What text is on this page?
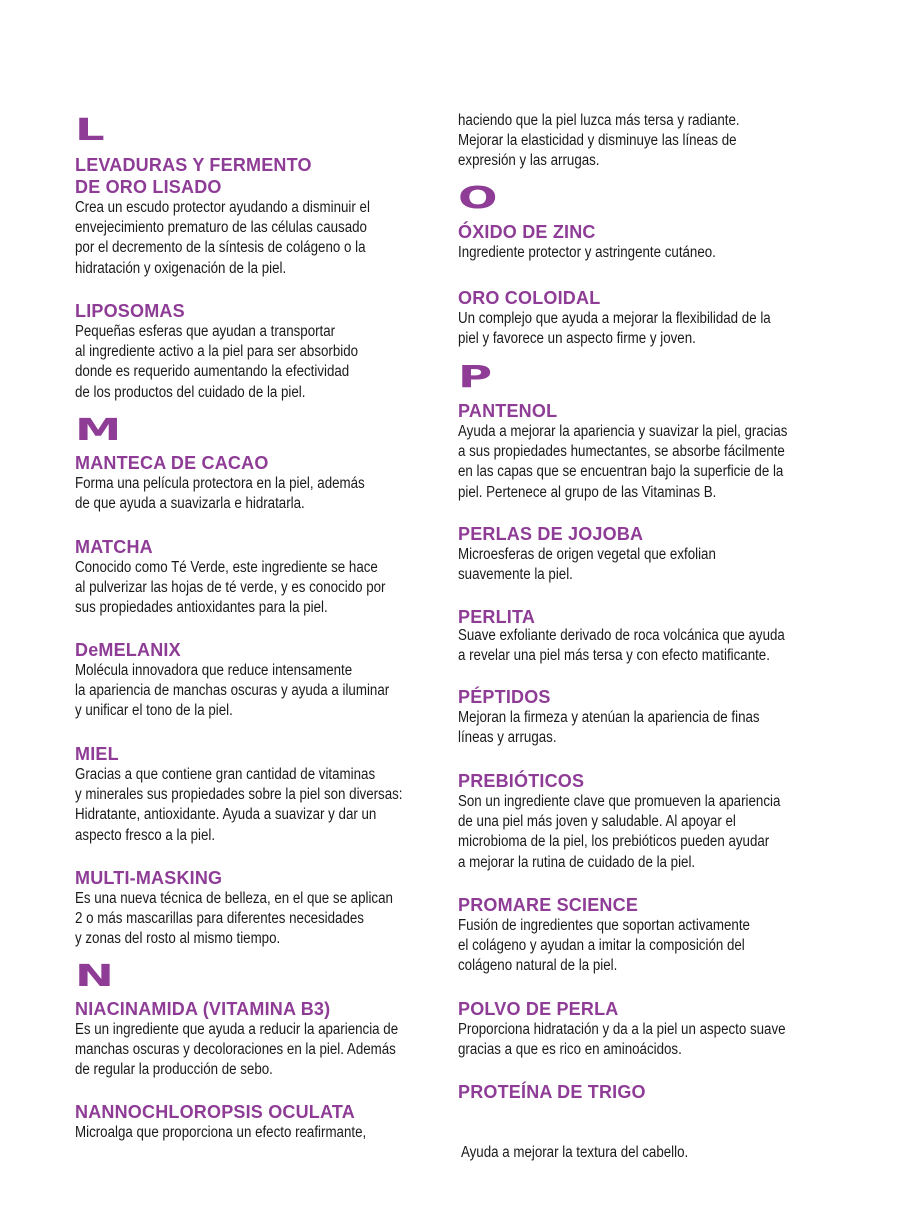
L
LEVADURAS Y FERMENTO
DE ORO LISADO
Crea un escudo protector ayudando a disminuir el
envejecimiento prematuro de las células causado
por el decremento de la síntesis de colágeno o la
hidratación y oxigenación de la piel.
LIPOSOMAS
Pequeñas esferas que ayudan a transportar
al ingrediente activo a la piel para ser absorbido
donde es requerido aumentando la efectividad
de los productos del cuidado de la piel.
M
MANTECA DE CACAO
Forma una película protectora en la piel, además
de que ayuda a suavizarla e hidratarla.
MATCHA
Conocido como Té Verde, este ingrediente se hace
al pulverizar las hojas de té verde, y es conocido por
sus propiedades antioxidantes para la piel.
DeMELANIX
Molécula innovadora que reduce intensamente
la apariencia de manchas oscuras y ayuda a iluminar
y unificar el tono de la piel.
MIEL
Gracias a que contiene gran cantidad de vitaminas
y minerales sus propiedades sobre la piel son diversas:
Hidratante, antioxidante. Ayuda a suavizar y dar un
aspecto fresco a la piel.
MULTI-MASKING
Es una nueva técnica de belleza, en el que se aplican
2 o más mascarillas para diferentes necesidades
y zonas del rosto al mismo tiempo.
N
NIACINAMIDA (VITAMINA B3)
Es un ingrediente que ayuda a reducir la apariencia de
manchas oscuras y decoloraciones en la piel. Además
de regular la producción de sebo.
NANNOCHLOROPSIS OCULATA
Microalga que proporciona un efecto reafirmante,
haciendo que la piel luzca más tersa y radiante.
Mejorar la elasticidad y disminuye las líneas de
expresión y las arrugas.
O
ÓXIDO DE ZINC
Ingrediente protector y astringente cutáneo.
ORO COLOIDAL
Un complejo que ayuda a mejorar la flexibilidad de la
piel y favorece un aspecto firme y joven.
P
PANTENOL
Ayuda a mejorar la apariencia y suavizar la piel, gracias
a sus propiedades humectantes, se absorbe fácilmente
en las capas que se encuentran bajo la superficie de la
piel. Pertenece al grupo de las Vitaminas B.
PERLAS DE JOJOBA
Microesferas de origen vegetal que exfolian
suavemente la piel.
PERLITA
Suave exfoliante derivado de roca volcánica que ayuda
a revelar una piel más tersa y con efecto matificante.
PÉPTIDOS
Mejoran la firmeza y atenúan la apariencia de finas
líneas y arrugas.
PREBIÓTICOS
Son un ingrediente clave que promueven la apariencia
de una piel más joven y saludable. Al apoyar el
microbioma de la piel, los prebióticos pueden ayudar
a mejorar la rutina de cuidado de la piel.
PROMARE SCIENCE
Fusión de ingredientes que soportan activamente
el colágeno y ayudan a imitar la composición del
colágeno natural de la piel.
POLVO DE PERLA
Proporciona hidratación y da a la piel un aspecto suave
gracias a que es rico en aminoácidos.
PROTEÍNA DE TRIGO

Ayuda a mejorar la textura del cabello.
